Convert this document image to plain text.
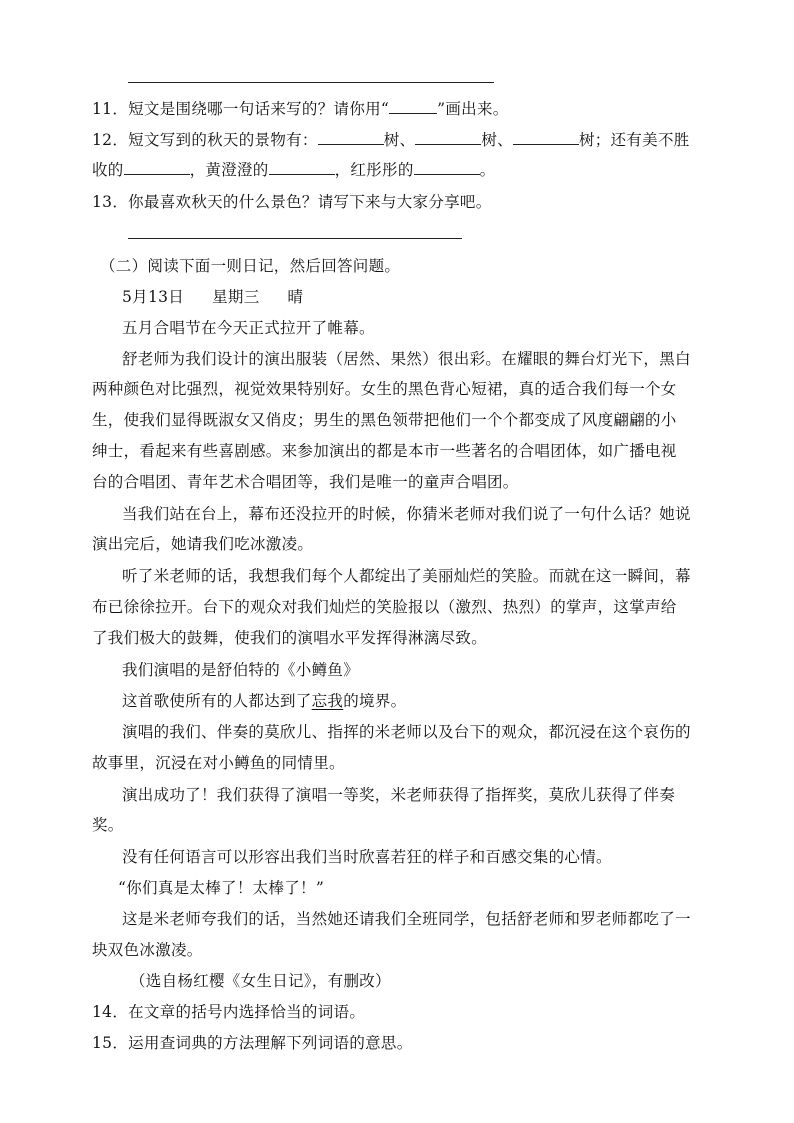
11．短文是围绕哪一句话来写的？请你用“	”画出来。
12．短文写到的秋天的景物有：	树、	树、	树；还有美不胜
收的	，黄澄澄的	，红彤彤的	。
13．你最喜欢秋天的什么景色？请写下来与大家分享吧。
（二）阅读下面一则日记，然后回答问题。
5月13日 星期三 晴
五月合唱节在今天正式拉开了帷幕。
舒老师为我们设计的演出服装（居然、果然）很出彩。在耀眼的舞台灯光下，黑白
两种颜色对比强烈，视觉效果特别好。女生的黑色背心短裙，真的适合我们每一个女
生，使我们显得既淑女又俏皮；男生的黑色领带把他们一个个都变成了风度翩翩的小
绅士，看起来有些喜剧感。来参加演出的都是本市一些著名的合唱团体，如广播电视
台的合唱团、青年艺术合唱团等，我们是唯一的童声合唱团。
当我们站在台上，幕布还没拉开的时候，你猜米老师对我们说了一句什么话？她说
演出完后，她请我们吃冰激凌。
听了米老师的话，我想我们每个人都绽出了美丽灿烂的笑脸。而就在这一瞬间，幕
布已徐徐拉开。台下的观众对我们灿烂的笑脸报以（激烈、热烈）的掌声，这掌声给
了我们极大的鼓舞，使我们的演唱水平发挥得淋漓尽致。
我们演唱的是舒伯特的《小鳟鱼》
这首歌使所有的人都达到了忘我的境界。
演唱的我们、伴奏的莫欣儿、指挥的米老师以及台下的观众，都沉浸在这个哀伤的
故事里，沉浸在对小鳟鱼的同情里。
演出成功了！我们获得了演唱一等奖，米老师获得了指挥奖，莫欣儿获得了伴奏
奖。
没有任何语言可以形容出我们当时欣喜若狂的样子和百感交集的心情。
“你们真是太棒了！太棒了！”
这是米老师夸我们的话，当然她还请我们全班同学，包括舒老师和罗老师都吃了一
块双色冰激凌。
（选自杨红樱《女生日记》，有删改）
14．在文章的括号内选择恰当的词语。
15．运用查词典的方法理解下列词语的意思。
